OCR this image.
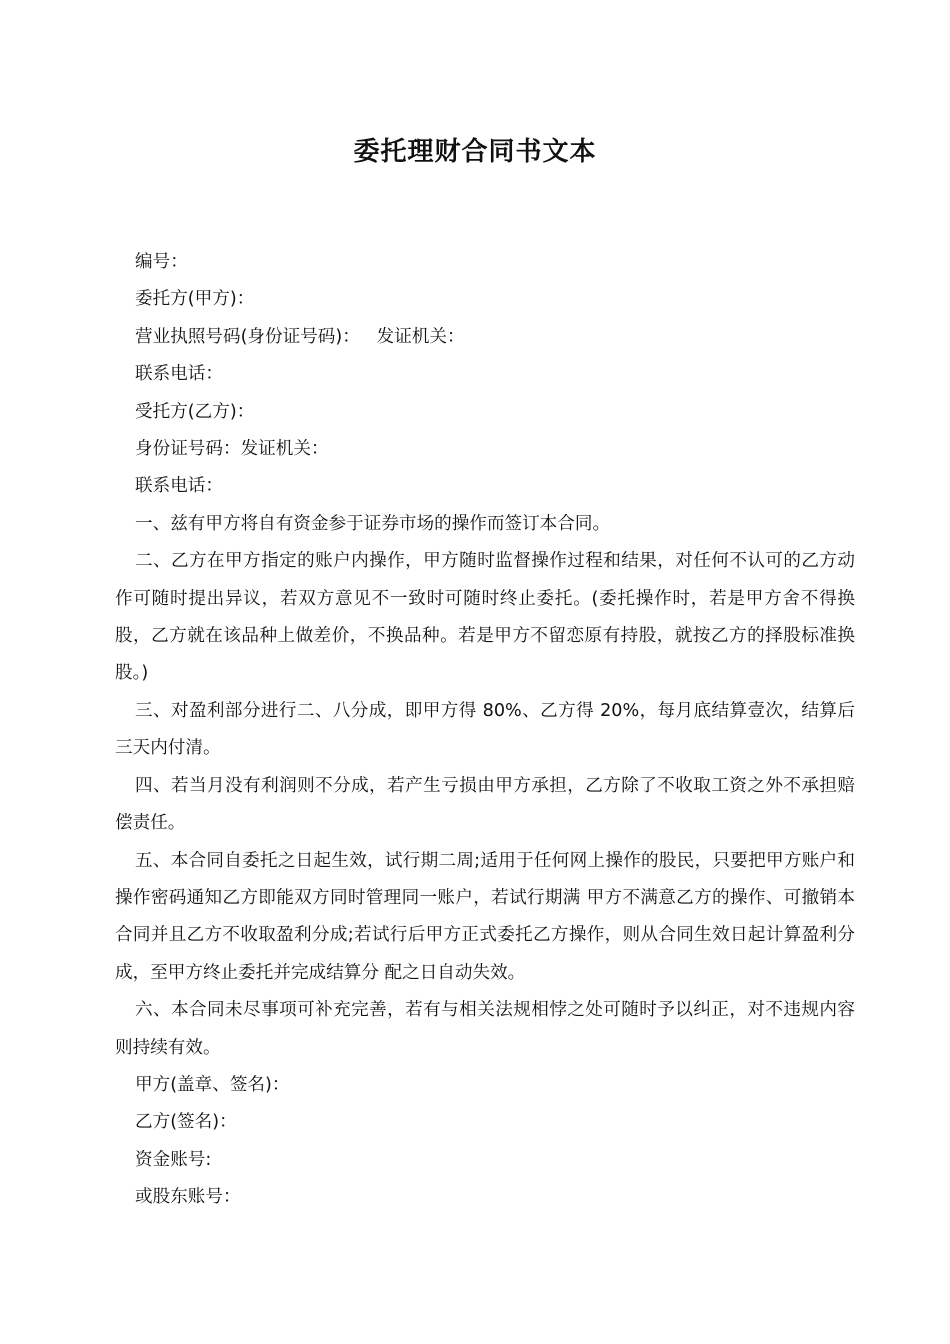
委托理财合同书文本

编号：

委托方(甲方)：

营业执照号码(身份证号码)：   发证机关：

联系电话：

受托方(乙方)：

身份证号码：发证机关：

联系电话：

一、兹有甲方将自有资金参于证券市场的操作而签订本合同。

二、乙方在甲方指定的账户内操作，甲方随时监督操作过程和结果，对任何不认可的乙方动作可随时提出异议，若双方意见不一致时可随时终止委托。(委托操作时，若是甲方舍不得换股，乙方就在该品种上做差价，不换品种。若是甲方不留恋原有持股，就按乙方的择股标准换股。)

三、对盈利部分进行二、八分成，即甲方得 80%、乙方得 20%，每月底结算壹次，结算后三天内付清。

四、若当月没有利润则不分成，若产生亏损由甲方承担，乙方除了不收取工资之外不承担赔偿责任。

五、本合同自委托之日起生效，试行期二周;适用于任何网上操作的股民，只要把甲方账户和操作密码通知乙方即能双方同时管理同一账户，若试行期满 甲方不满意乙方的操作、可撤销本合同并且乙方不收取盈利分成;若试行后甲方正式委托乙方操作，则从合同生效日起计算盈利分成，至甲方终止委托并完成结算分 配之日自动失效。

六、本合同未尽事项可补充完善，若有与相关法规相悖之处可随时予以纠正，对不违规内容则持续有效。

甲方(盖章、签名)：

乙方(签名)：

资金账号:

或股东账号：
